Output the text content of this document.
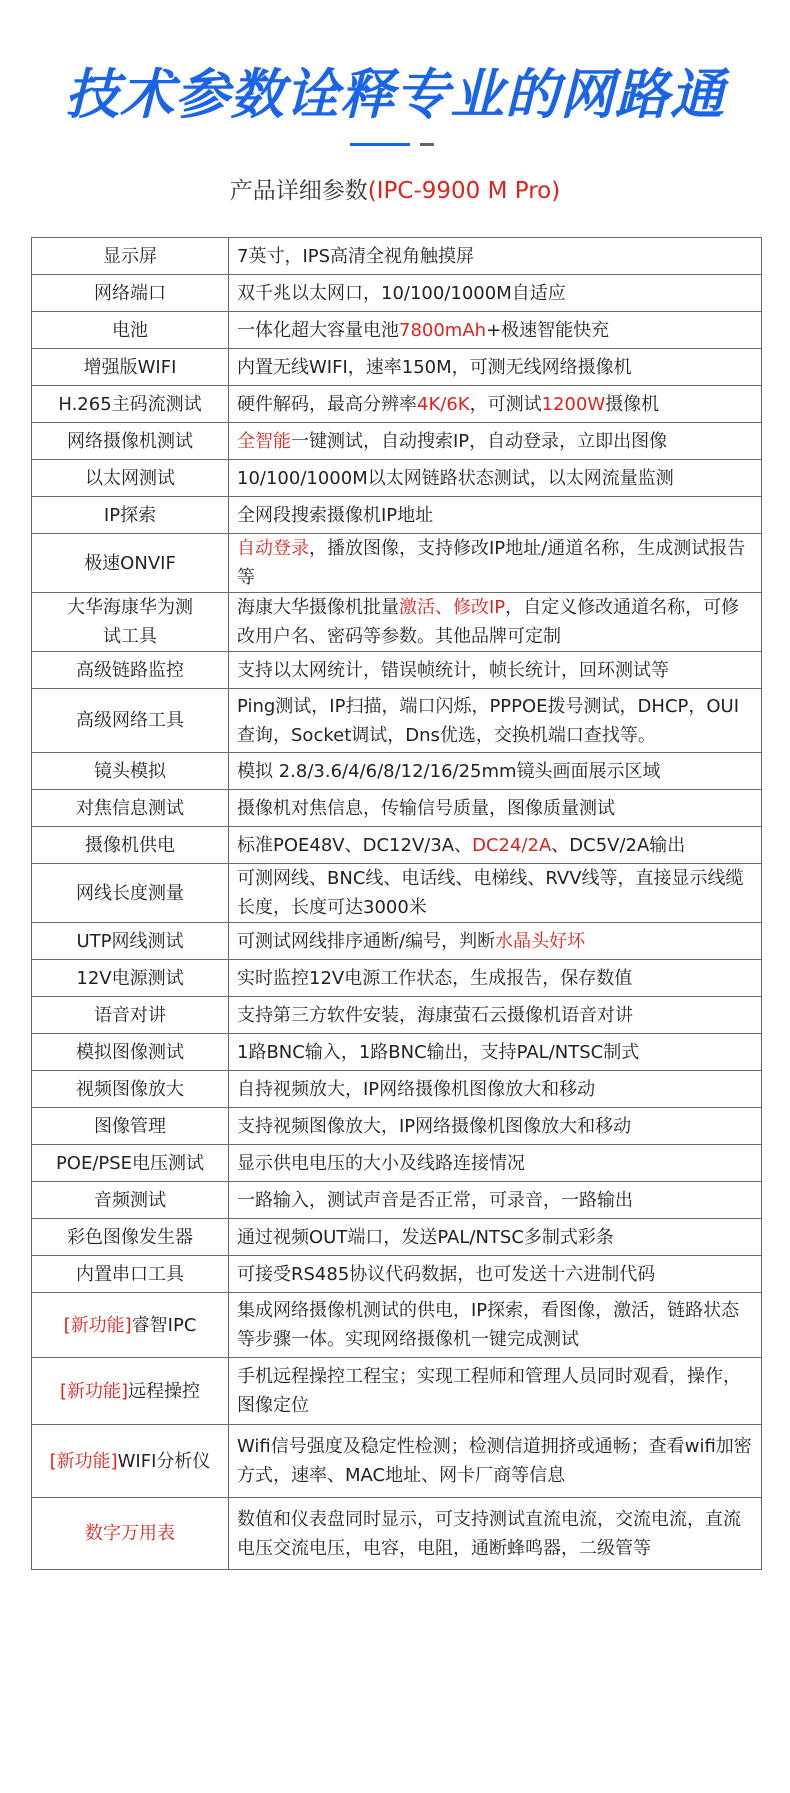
技术参数诠释专业的网路通
产品详细参数(IPC-9900 M Pro)
显示屏	7英寸，IPS高清全视角触摸屏
网络端口	双千兆以太网口，10/100/1000M自适应
电池	一体化超大容量电池7800mAh+极速智能快充
增强版WIFI	内置无线WIFI，速率150M，可测无线网络摄像机
H.265主码流测试	硬件解码，最高分辨率4K/6K，可测试1200W摄像机
网络摄像机测试	全智能一键测试，自动搜索IP，自动登录，立即出图像
以太网测试	10/100/1000M以太网链路状态测试，以太网流量监测
IP探索	全网段搜索摄像机IP地址
极速ONVIF	自动登录，播放图像，支持修改IP地址/通道名称，生成测试报告等
大华海康华为测试工具	海康大华摄像机批量激活、修改IP，自定义修改通道名称，可修改用户名、密码等参数。其他品牌可定制
高级链路监控	支持以太网统计，错误帧统计，帧长统计，回环测试等
高级网络工具	Ping测试，IP扫描，端口闪烁，PPPOE拨号测试，DHCP，OUI查询，Socket调试，Dns优选，交换机端口查找等。
镜头模拟	模拟 2.8/3.6/4/6/8/12/16/25mm镜头画面展示区域
对焦信息测试	摄像机对焦信息，传输信号质量，图像质量测试
摄像机供电	标准POE48V、DC12V/3A、DC24/2A、DC5V/2A输出
网线长度测量	可测网线、BNC线、电话线、电梯线、RVV线等，直接显示线缆长度，长度可达3000米
UTP网线测试	可测试网线排序通断/编号，判断水晶头好坏
12V电源测试	实时监控12V电源工作状态，生成报告，保存数值
语音对讲	支持第三方软件安装，海康萤石云摄像机语音对讲
模拟图像测试	1路BNC输入，1路BNC输出，支持PAL/NTSC制式
视频图像放大	自持视频放大，IP网络摄像机图像放大和移动
图像管理	支持视频图像放大，IP网络摄像机图像放大和移动
POE/PSE电压测试	显示供电电压的大小及线路连接情况
音频测试	一路输入，测试声音是否正常，可录音，一路输出
彩色图像发生器	通过视频OUT端口，发送PAL/NTSC多制式彩条
内置串口工具	可接受RS485协议代码数据，也可发送十六进制代码
[新功能]睿智IPC	集成网络摄像机测试的供电，IP探索，看图像，激活，链路状态等步骤一体。实现网络摄像机一键完成测试
[新功能]远程操控	手机远程操控工程宝；实现工程师和管理人员同时观看，操作，图像定位
[新功能]WIFI分析仪	Wifi信号强度及稳定性检测；检测信道拥挤或通畅；查看wifi加密方式，速率、MAC地址、网卡厂商等信息
数字万用表	数值和仪表盘同时显示，可支持测试直流电流，交流电流，直流电压交流电压，电容，电阻，通断蜂鸣器，二级管等
